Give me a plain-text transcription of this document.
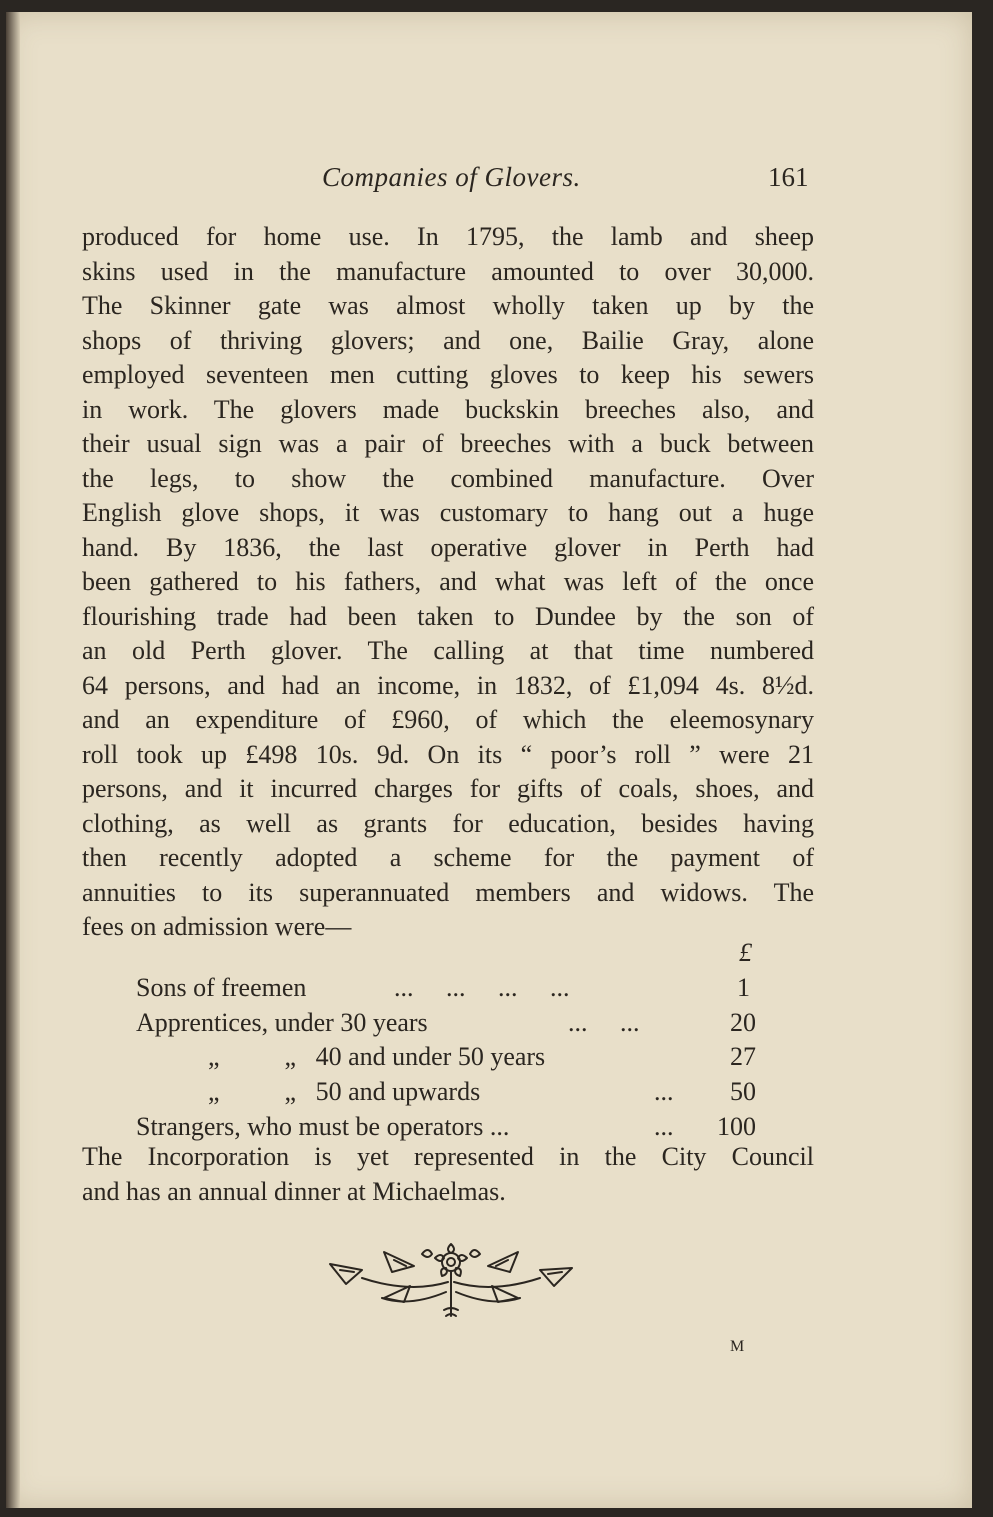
Companies of Glovers.	161
produced for home use. In 1795, the lamb and sheep
skins used in the manufacture amounted to over 30,000.
The Skinner gate was almost wholly taken up by the
shops of thriving glovers; and one, Bailie Gray, alone
employed seventeen men cutting gloves to keep his sewers
in work. The glovers made buckskin breeches also, and
their usual sign was a pair of breeches with a buck between
the legs, to show the combined manufacture. Over
English glove shops, it was customary to hang out a huge
hand. By 1836, the last operative glover in Perth had
been gathered to his fathers, and what was left of the once
flourishing trade had been taken to Dundee by the son of
an old Perth glover. The calling at that time numbered
64 persons, and had an income, in 1832, of £1,094 4s. 8½d.
and an expenditure of £960, of which the eleemosynary
roll took up £498 10s. 9d. On its “ poor’s roll ” were 21
persons, and it incurred charges for gifts of coals, shoes, and
clothing, as well as grants for education, besides having
then recently adopted a scheme for the payment of
annuities to its superannuated members and widows. The
fees on admission were—
£
Sons of freemen	...     ...     ...     ...	1
Apprentices, under 30 years	...     ...	20
„          „   40 and under 50 years	27
„          „   50 and upwards	... 50
Strangers, who must be operators ...	... 100
The Incorporation is yet represented in the City Council
and has an annual dinner at Michaelmas.
M
